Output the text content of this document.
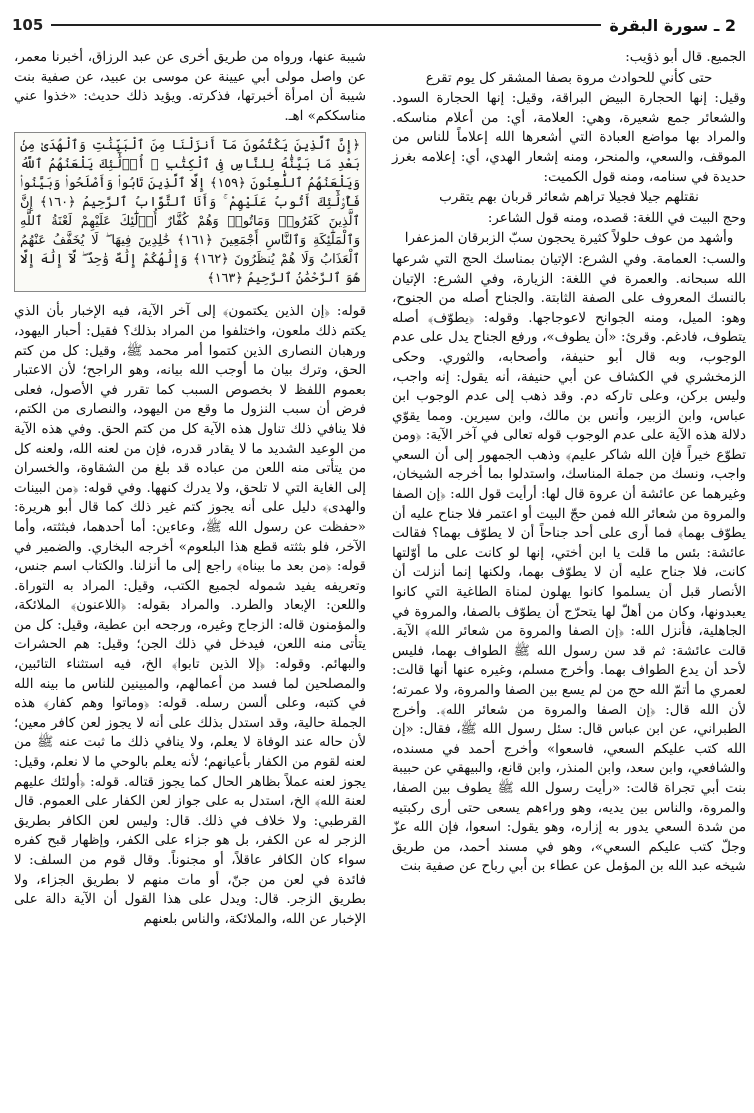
105	2 ـ سورة البقرة

الجميع. قال أبو ذؤيب:

حتى كأني للحوادث مروة بصفا المشقر كل يوم تقرع

وقيل: إنها الحجارة البيض البراقة، وقيل: إنها الحجارة السود. والشعائر جمع شعيرة، وهي: العلامة، أي: من أعلام مناسكه. والمراد بها مواضع العبادة التي أشعرها الله إعلاماً للناس من الموقف، والسعي، والمنحر، ومنه إشعار الهدي، أي: إعلامه بغرز حديدة في سنامه، ومنه قول الكميت:

نقتلهم جيلا فجيلا تراهم شعائر قربان بهم يتقرب

وحج البيت في اللغة: قصده، ومنه قول الشاعر:

وأشهد من عوف حلولاً كثيرة يحجون سبّ الزبرقان المزعفرا

والسب: العمامة. وفي الشرع: الإتيان بمناسك الحج التي شرعها الله سبحانه. والعمرة في اللغة: الزيارة، وفي الشرع: الإتيان بالنسك المعروف على الصفة الثابتة. والجناح أصله من الجنوح، وهو: الميل، ومنه الجوانح لاعوجاجها. وقوله: ﴿يطوّف﴾ أصله يتطوف، فادغم. وقرئ: «أن يطوف»، ورفع الجناح يدل على عدم الوجوب، وبه قال أبو حنيفة، وأصحابه، والثوري. وحكى الزمخشري في الكشاف عن أبي حنيفة، أنه يقول: إنه واجب، وليس بركن، وعلى تاركه دم. وقد ذهب إلى عدم الوجوب ابن عباس، وابن الزبير، وأنس بن مالك، وابن سيرين. ومما يقوّي دلالة هذه الآية على عدم الوجوب قوله تعالى في آخر الآية: ﴿ومن تطوّع خيراً فإن الله شاكر عليم﴾ وذهب الجمهور إلى أن السعي واجب، ونسك من جملة المناسك، واستدلوا بما أخرجه الشيخان، وغيرهما عن عائشة أن عروة قال لها: أرأيت قول الله: ﴿إن الصفا والمروة من شعائر الله فمن حجّ البيت أو اعتمر فلا جناح عليه أن يطوّف بهما﴾ فما أرى على أحد جناحاً أن لا يطوّف بهما؟ فقالت عائشة: بئس ما قلت يا ابن أختي، إنها لو كانت على ما أوّلتها كانت، فلا جناح عليه أن لا يطوّف بهما، ولكنها إنما أنزلت أن الأنصار قبل أن يسلموا كانوا يهلون لمناة الطاغية التي كانوا يعبدونها، وكان من أهلّ لها يتحرّج أن يطوّف بالصفا، والمروة في الجاهلية، فأنزل الله: ﴿إن الصفا والمروة من شعائر الله﴾ الآية. قالت عائشة: ثم قد سن رسول الله ﷺ الطواف بهما، فليس لأحد أن يدع الطواف بهما. وأخرج مسلم، وغيره عنها أنها قالت: لعمري ما أتمّ الله حج من لم يسع بين الصفا والمروة، ولا عمرته؛ لأن الله قال: ﴿إن الصفا والمروة من شعائر الله﴾. وأخرج الطبراني، عن ابن عباس قال: سئل رسول الله ﷺ، فقال: «إن الله كتب عليكم السعي، فاسعوا» وأخرج أحمد في مسنده، والشافعي، وابن سعد، وابن المنذر، وابن قانع، والبيهقي عن حبيبة بنت أبي تجراة قالت: «رأيت رسول الله ﷺ يطوف بين الصفا، والمروة، والناس بين يديه، وهو وراءهم يسعى حتى أرى ركبتيه من شدة السعي يدور به إزاره، وهو يقول: اسعوا، فإن الله عزّ وجلّ كتب عليكم السعي»، وهو في مسند أحمد، من طريق شيخه عبد الله بن المؤمل عن عطاء بن أبي رباح عن صفية بنت

شيبة عنها، ورواه من طريق أخرى عن عبد الرزاق، أخبرنا معمر، عن واصل مولى أبي عيينة عن موسى بن عبيد، عن صفية بنت شيبة أن امرأة أخبرتها، فذكرته. ويؤيد ذلك حديث: «خذوا عني مناسككم» اهـ.

﴿إِنَّ ٱلَّذِينَ يَكْتُمُونَ مَآ أَنزَلْنَا مِنَ ٱلْبَيِّنَٰتِ وَٱلْهُدَىٰ مِنۢ بَعْدِ مَا بَيَّنَّٰهُ لِلنَّاسِ فِى ٱلْكِتَٰبِ ۙ أُو۟لَٰٓئِكَ يَلْعَنُهُمُ ٱللَّهُ وَيَلْعَنُهُمُ ٱللَّٰعِنُونَ ﴿١٥٩﴾ إِلَّا ٱلَّذِينَ تَابُوا۟ وَأَصْلَحُوا۟ وَبَيَّنُوا۟ فَأُو۟لَٰٓئِكَ أَتُوبُ عَلَيْهِمْ ۚ وَأَنَا ٱلتَّوَّابُ ٱلرَّحِيمُ ﴿١٦٠﴾ إِنَّ ٱلَّذِينَ كَفَرُوا۟ وَمَاتُوا۟ وَهُمْ كُفَّارٌ أُو۟لَٰٓئِكَ عَلَيْهِمْ لَعْنَةُ ٱللَّهِ وَٱلْمَلَٰٓئِكَةِ وَٱلنَّاسِ أَجْمَعِينَ ﴿١٦١﴾ خَٰلِدِينَ فِيهَا ۖ لَا يُخَفَّفُ عَنْهُمُ ٱلْعَذَابُ وَلَا هُمْ يُنظَرُونَ ﴿١٦٢﴾ وَإِلَٰهُكُمْ إِلَٰهٌ وَٰحِدٌ ۖ لَّآ إِلَٰهَ إِلَّا هُوَ ٱلرَّحْمَٰنُ ٱلرَّحِيمُ ﴿١٦٣﴾

قوله: ﴿إن الذين يكتمون﴾ إلى آخر الآية، فيه الإخبار بأن الذي يكتم ذلك ملعون، واختلفوا من المراد بذلك؟ فقيل: أحبار اليهود، ورهبان النصارى الذين كتموا أمر محمد ﷺ، وقيل: كل من كتم الحق، وترك بيان ما أوجب الله بيانه، وهو الراجح؛ لأن الاعتبار بعموم اللفظ لا بخصوص السبب كما تقرر في الأصول، فعلى فرض أن سبب النزول ما وقع من اليهود، والنصارى من الكتم، فلا ينافي ذلك تناول هذه الآية كل من كتم الحق. وفي هذه الآية من الوعيد الشديد ما لا يقادر قدره، فإن من لعنه الله، ولعنه كل من يتأتى منه اللعن من عباده قد بلغ من الشقاوة، والخسران إلى الغاية التي لا تلحق، ولا يدرك كنهها. وفي قوله: ﴿من البينات والهدى﴾ دليل على أنه يجوز كتم غير ذلك كما قال أبو هريرة: «حفظت عن رسول الله ﷺ، وعاءين: أما أحدهما، فبثثته، وأما الآخر، فلو بثثته قطع هذا البلعوم» أخرجه البخاري. والضمير في قوله: ﴿من بعد ما بيناه﴾ راجع إلى ما أنزلنا. والكتاب اسم جنس، وتعريفه يفيد شموله لجميع الكتب، وقيل: المراد به التوراة. واللعن: الإبعاد والطرد. والمراد بقوله: ﴿اللاعنون﴾ الملائكة، والمؤمنون قاله: الزجاج وغيره، ورجحه ابن عطية، وقيل: كل من يتأتى منه اللعن، فيدخل في ذلك الجن؛ وقيل: هم الحشرات والبهائم. وقوله: ﴿إلا الذين تابوا﴾ الخ، فيه استثناء التائبين، والمصلحين لما فسد من أعمالهم، والمبينين للناس ما بينه الله في كتبه، وعلى ألسن رسله. قوله: ﴿وماتوا وهم كفار﴾ هذه الجملة حالية، وقد استدل بذلك على أنه لا يجوز لعن كافر معين؛ لأن حاله عند الوفاة لا يعلم، ولا ينافي ذلك ما ثبت عنه ﷺ من لعنه لقوم من الكفار بأعيانهم؛ لأنه يعلم بالوحي ما لا نعلم، وقيل: يجوز لعنه عملاً بظاهر الحال كما يجوز قتاله. قوله: ﴿أولئك عليهم لعنة الله﴾ الخ، استدل به على جواز لعن الكفار على العموم. قال القرطبي: ولا خلاف في ذلك. قال: وليس لعن الكافر بطريق الزجر له عن الكفر، بل هو جزاء على الكفر، وإظهار قبح كفره سواء كان الكافر عاقلاً، أو مجنوناً. وقال قوم من السلف: لا فائدة في لعن من جنّ، أو مات منهم لا بطريق الجزاء، ولا بطريق الزجر. قال: ويدل على هذا القول أن الآية دالة على الإخبار عن الله، والملائكة، والناس بلعنهم
